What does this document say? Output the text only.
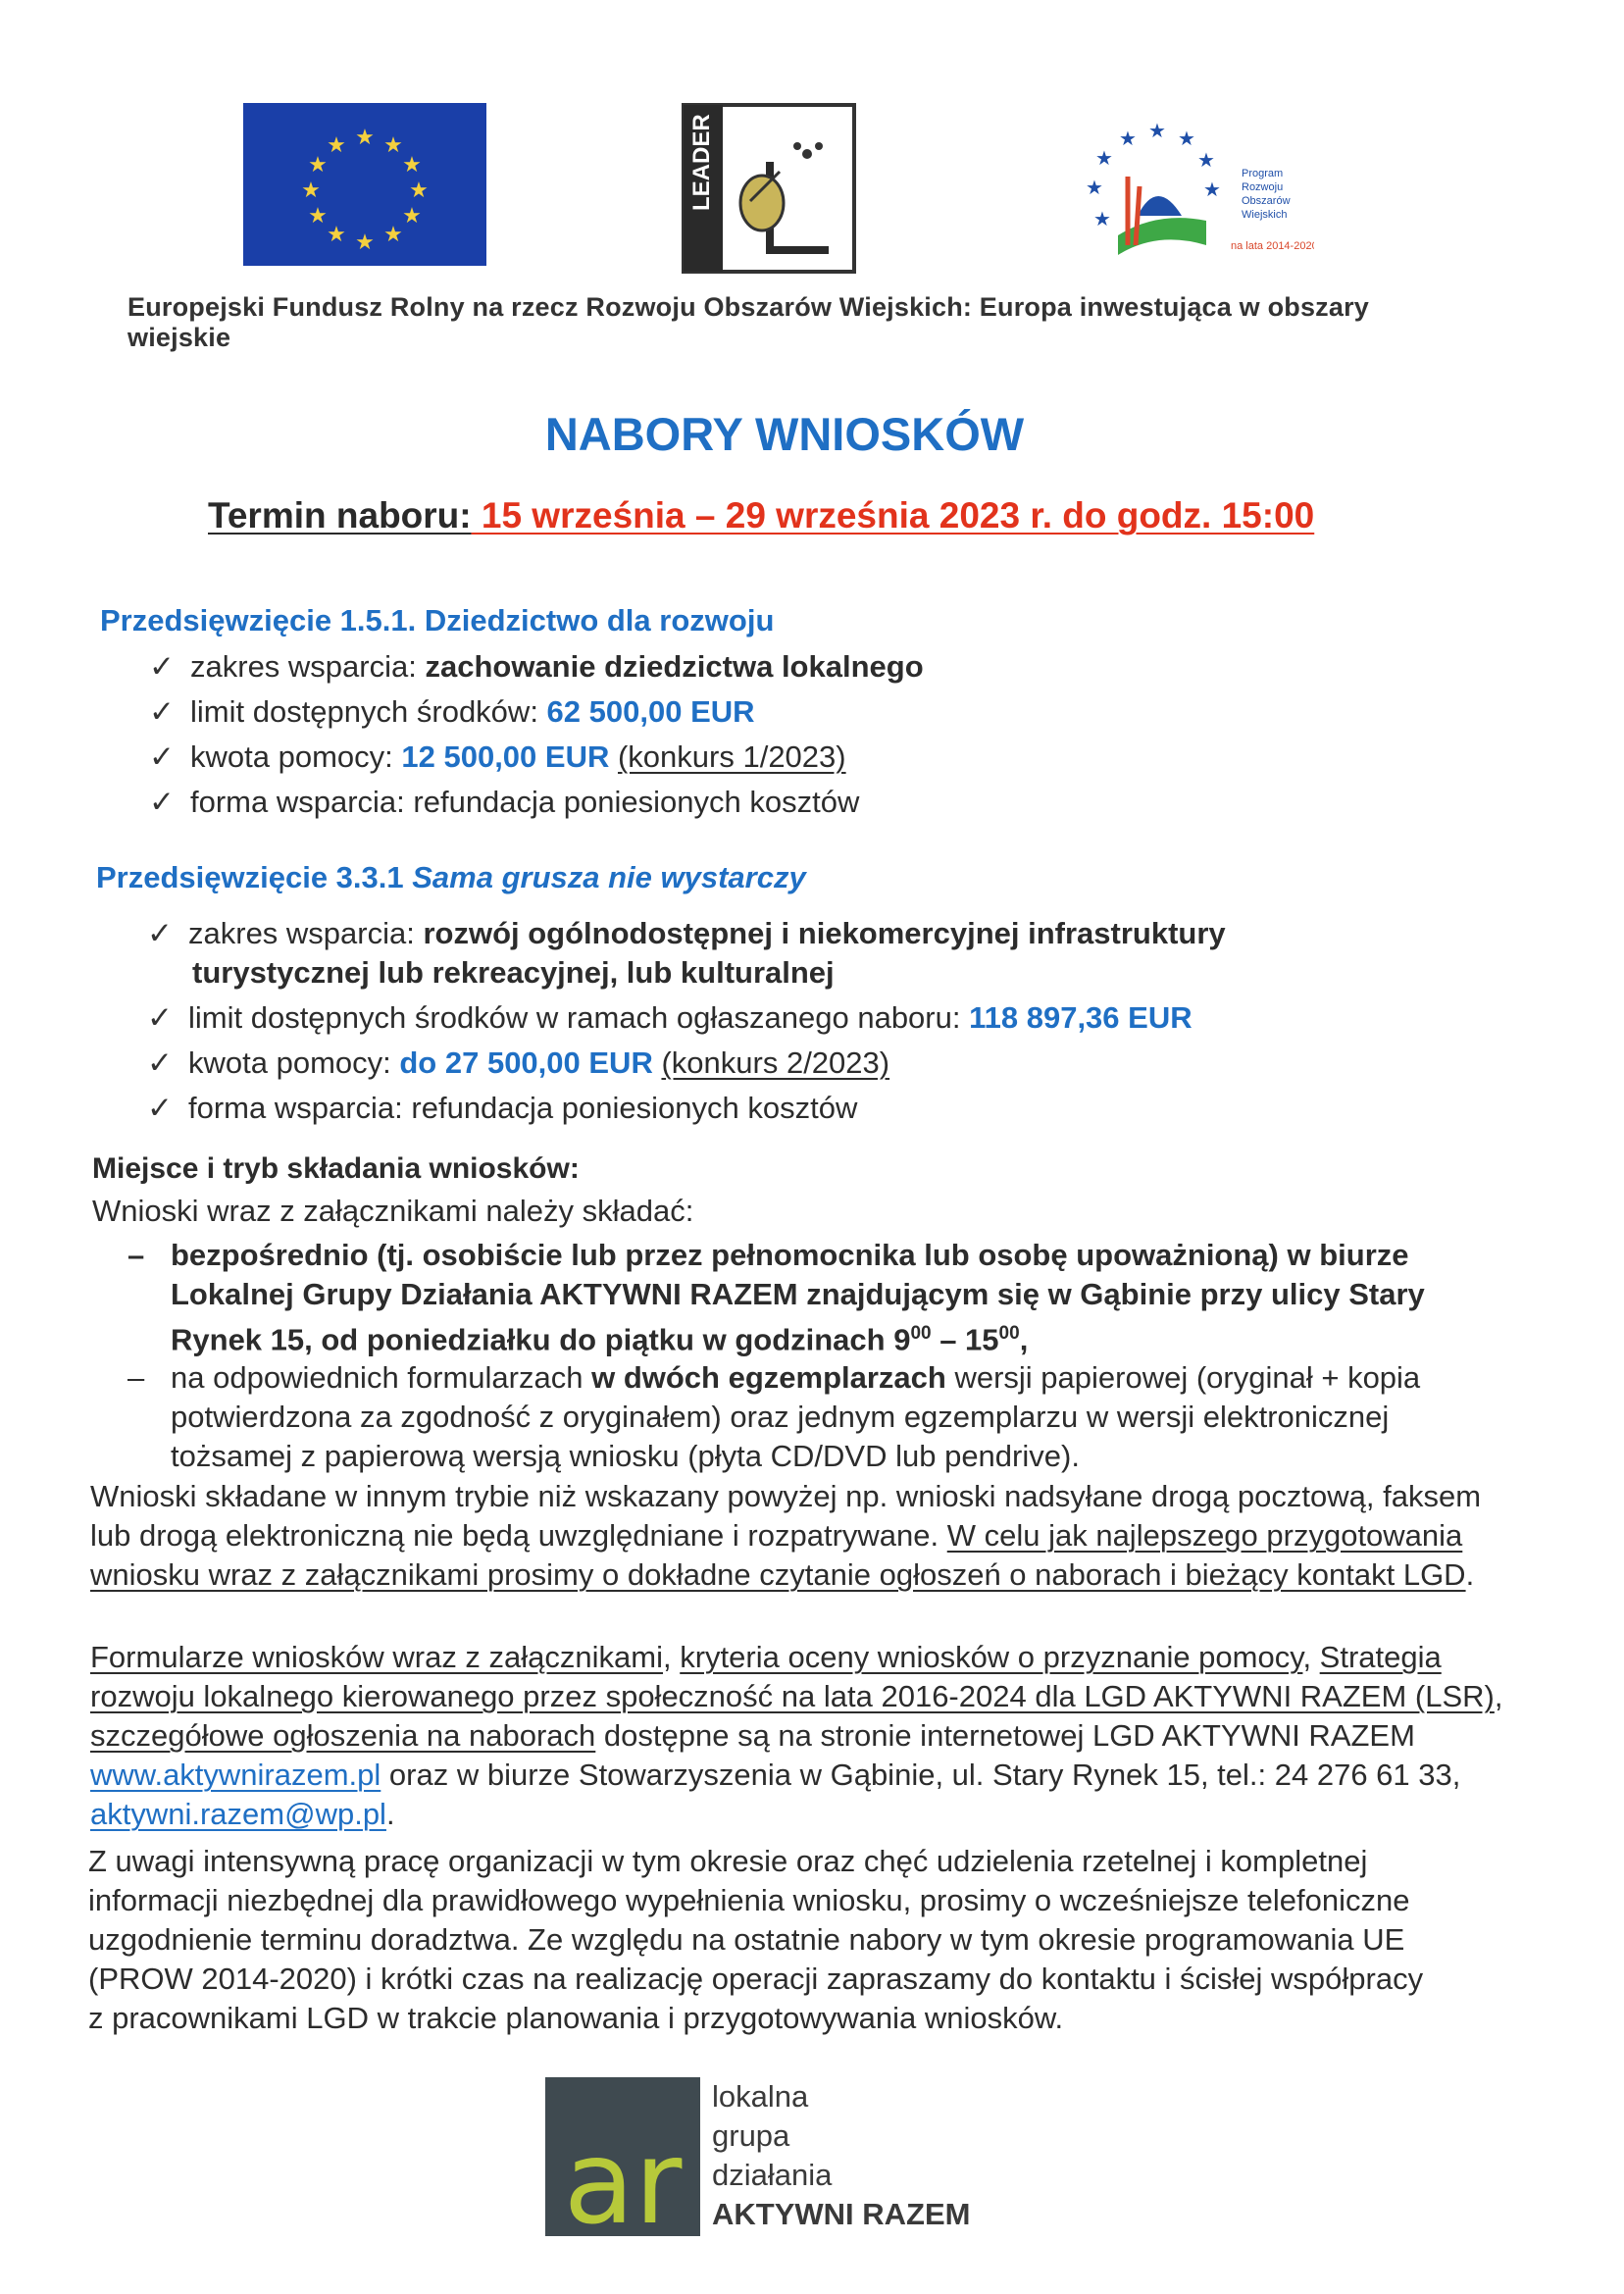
★ ★
★
★
★
★
★
★
★
★
★
★	LEADER	★ ★ ★
★	★
★	★
★
Program
Rozwoju
Obszarów
Wiejskich
na lata 2014-2020
Europejski Fundusz Rolny na rzecz Rozwoju Obszarów Wiejskich: Europa inwestująca w obszary wiejskie
NABORY WNIOSKÓW
Termin naboru: 15 września – 29 września 2023 r. do godz. 15:00
Przedsięwzięcie 1.5.1. Dziedzictwo dla rozwoju
✓ zakres wsparcia: zachowanie dziedzictwa lokalnego
✓ limit dostępnych środków: 62 500,00 EUR
✓ kwota pomocy: 12 500,00 EUR (konkurs 1/2023)
✓ forma wsparcia: refundacja poniesionych kosztów
Przedsięwzięcie 3.3.1 Sama grusza nie wystarczy
✓ zakres wsparcia: rozwój ogólnodostępnej i niekomercyjnej infrastruktury
turystycznej lub rekreacyjnej, lub kulturalnej
✓ limit dostępnych środków w ramach ogłaszanego naboru: 118 897,36 EUR
✓ kwota pomocy: do 27 500,00 EUR (konkurs 2/2023)
✓ forma wsparcia: refundacja poniesionych kosztów
Miejsce i tryb składania wniosków:
Wnioski wraz z załącznikami należy składać:
– bezpośrednio (tj. osobiście lub przez pełnomocnika lub osobę upoważnioną) w biurze
Lokalnej Grupy Działania AKTYWNI RAZEM znajdującym się w Gąbinie przy ulicy Stary
Rynek 15, od poniedziałku do piątku w godzinach $9^{00} - 15^{00}$,
– na odpowiednich formularzach w dwóch egzemplarzach wersji papierowej (oryginał + kopia
potwierdzona za zgodność z oryginałem) oraz jednym egzemplarzu w wersji elektronicznej
tożsamej z papierową wersją wniosku (płyta CD/DVD lub pendrive).
Wnioski składane w innym trybie niż wskazany powyżej np. wnioski nadsyłane drogą pocztową, faksem
lub drogą elektroniczną nie będą uwzględniane i rozpatrywane. W celu jak najlepszego przygotowania
wniosku wraz z załącznikami prosimy o dokładne czytanie ogłoszeń o naborach i bieżący kontakt LGD.
Formularze wniosków wraz z załącznikami, kryteria oceny wniosków o przyznanie pomocy, Strategia
rozwoju lokalnego kierowanego przez społeczność na lata 2016-2024 dla LGD AKTYWNI RAZEM (LSR),
szczegółowe ogłoszenia na naborach dostępne są na stronie internetowej LGD AKTYWNI RAZEM
www.aktywnirazem.pl oraz w biurze Stowarzyszenia w Gąbinie, ul. Stary Rynek 15, tel.: 24 276 61 33,
aktywni.razem@wp.pl.
Z uwagi intensywną pracę organizacji w tym okresie oraz chęć udzielenia rzetelnej i kompletnej
informacji niezbędnej dla prawidłowego wypełnienia wniosku, prosimy o wcześniejsze telefoniczne
uzgodnienie terminu doradztwa. Ze względu na ostatnie nabory w tym okresie programowania UE
(PROW 2014-2020) i krótki czas na realizację operacji zapraszamy do kontaktu i ścisłej współpracy
z pracownikami LGD w trakcie planowania i przygotowywania wniosków.
ar
lokalna
grupa
działania
AKTYWNI RAZEM
